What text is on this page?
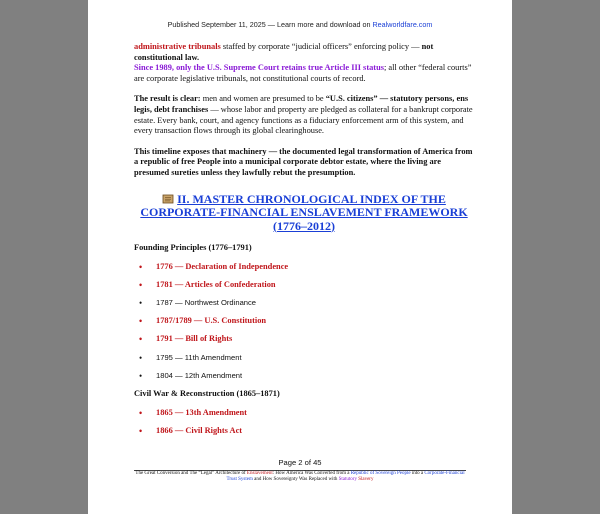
Published September 11, 2025 — Learn more and download on Realworldfare.com

administrative tribunals staffed by corporate “judicial officers” enforcing policy — not constitutional law.
Since 1989, only the U.S. Supreme Court retains true Article III status; all other “federal courts” are corporate legislative tribunals, not constitutional courts of record.

The result is clear: men and women are presumed to be “U.S. citizens” — statutory persons, ens legis, debt franchises — whose labor and property are pledged as collateral for a bankrupt corporate estate. Every bank, court, and agency functions as a fiduciary enforcement arm of this system, and every transaction flows through its global clearinghouse.

This timeline exposes that machinery — the documented legal transformation of America from a republic of free People into a municipal corporate debtor estate, where the living are presumed sureties unless they lawfully rebut the presumption.

II. MASTER CHRONOLOGICAL INDEX OF THE CORPORATE-FINANCIAL ENSLAVEMENT FRAMEWORK (1776–2012)
Founding Principles (1776–1791)
• 1776 — Declaration of Independence
• 1781 — Articles of Confederation
• 1787 — Northwest Ordinance
• 1787/1789 — U.S. Constitution
• 1791 — Bill of Rights
• 1795 — 11th Amendment
• 1804 — 12th Amendment
Civil War & Reconstruction (1865–1871)
• 1865 — 13th Amendment
• 1866 — Civil Rights Act
Page 2 of 45
The Great Conversion and The “Legal” Architecture of Enslavement: How America Was Converted from a Republic of Sovereign People into a Corporate-Financial Trust System and How Sovereignty Was Replaced with Statutory Slavery
